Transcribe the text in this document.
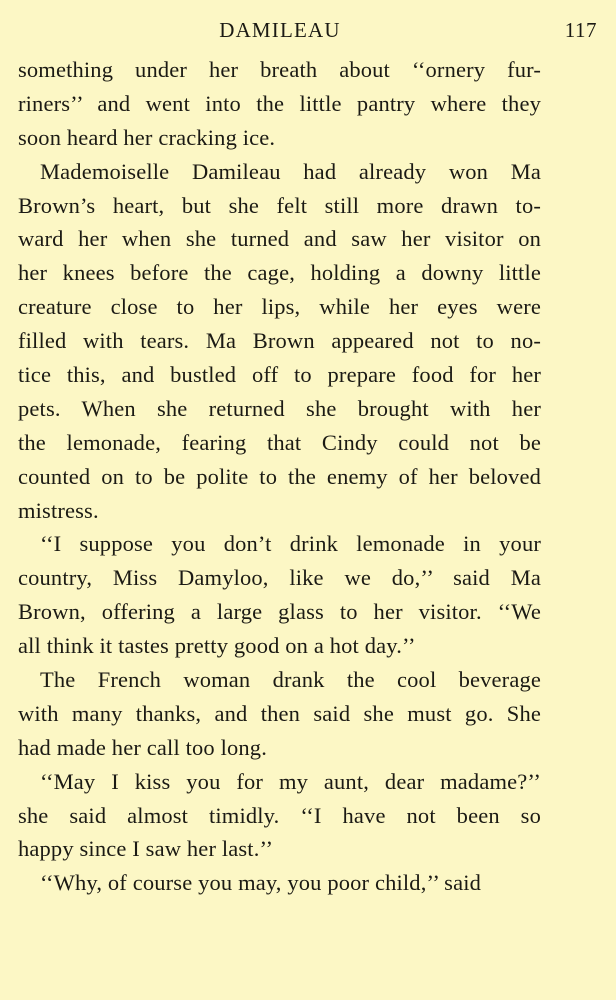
DAMILEAU	117
something under her breath about ‘‘ornery fur-
riners’’ and went into the little pantry where they
soon heard her cracking ice.
Mademoiselle Damileau had already won Ma
Brown’s heart, but she felt still more drawn to-
ward her when she turned and saw her visitor on
her knees before the cage, holding a downy little
creature close to her lips, while her eyes were
filled with tears. Ma Brown appeared not to no-
tice this, and bustled off to prepare food for her
pets. When she returned she brought with her
the lemonade, fearing that Cindy could not be
counted on to be polite to the enemy of her beloved
mistress.
‘‘I suppose you don’t drink lemonade in your
country, Miss Damyloo, like we do,’’ said Ma
Brown, offering a large glass to her visitor. ‘‘We
all think it tastes pretty good on a hot day.’’
The French woman drank the cool beverage
with many thanks, and then said she must go. She
had made her call too long.
‘‘May I kiss you for my aunt, dear madame?’’
she said almost timidly. ‘‘I have not been so
happy since I saw her last.’’
‘‘Why, of course you may, you poor child,’’ said
